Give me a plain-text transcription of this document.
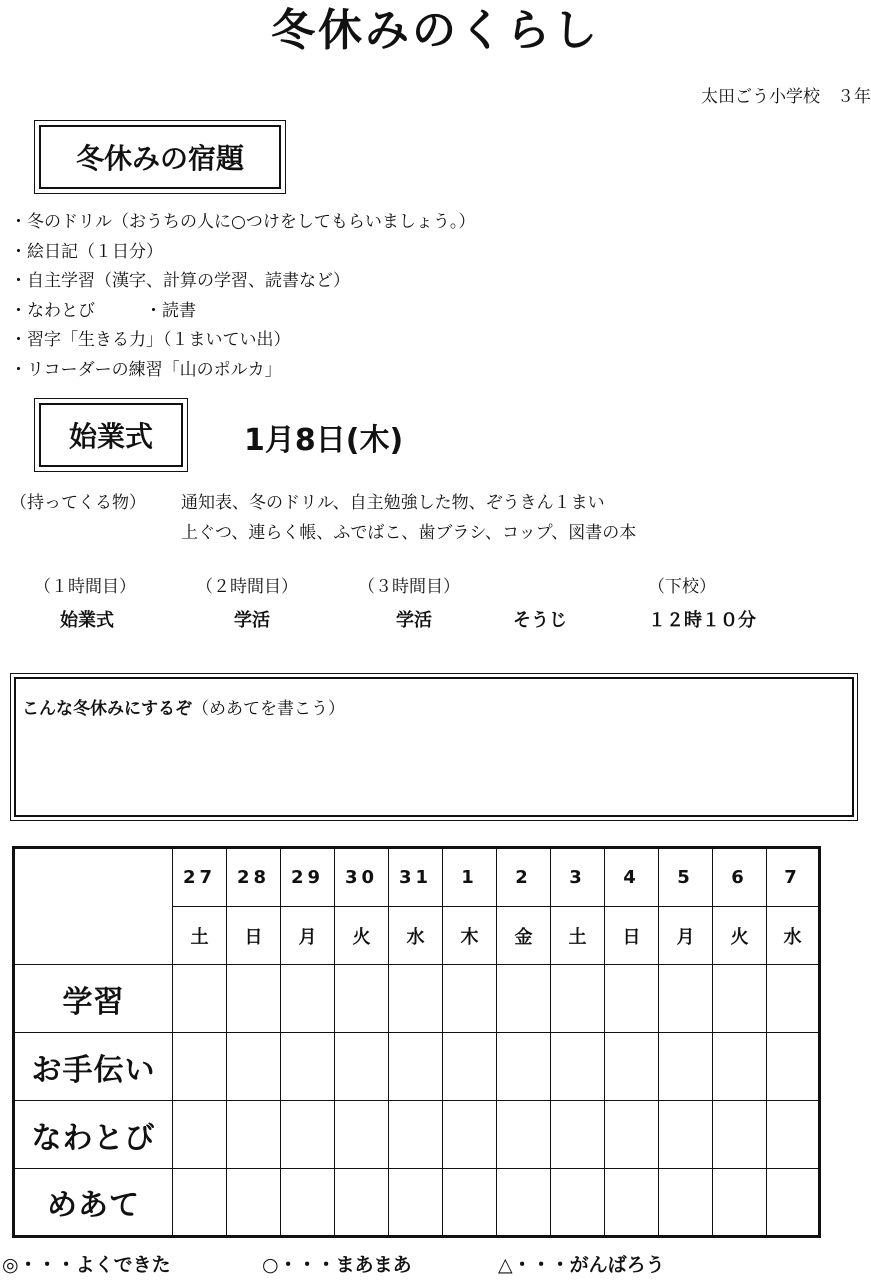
冬休みのくらし
太田ごう小学校　３年
冬休みの宿題
・冬のドリル（おうちの人に○つけをしてもらいましょう。）
・絵日記（１日分）
・自主学習（漢字、計算の学習、読書など）
・なわとび	・読書
・習字「生きる力」（１まいてい出）
・リコーダーの練習「山のポルカ」
始業式	1月8日(木)
（持ってくる物） 通知表、冬のドリル、自主勉強した物、ぞうきん１まい
上ぐつ、連らく帳、ふでばこ、歯ブラシ、コップ、図書の本
（１時間目）
始業式
（２時間目）
学活
（３時間目）
学活	そうじ
（下校）
１２時１０分
こんな冬休みにするぞ（めあてを書こう）
	27	28	29	30	31	1	2	3	4	5	6	7
	土	日	月	火	水	木	金	土	日	月	火	水
学習												
お手伝い												
なわとび												
めあて												
◎・・・よくできた	○・・・まあまあ	△・・・がんばろう
